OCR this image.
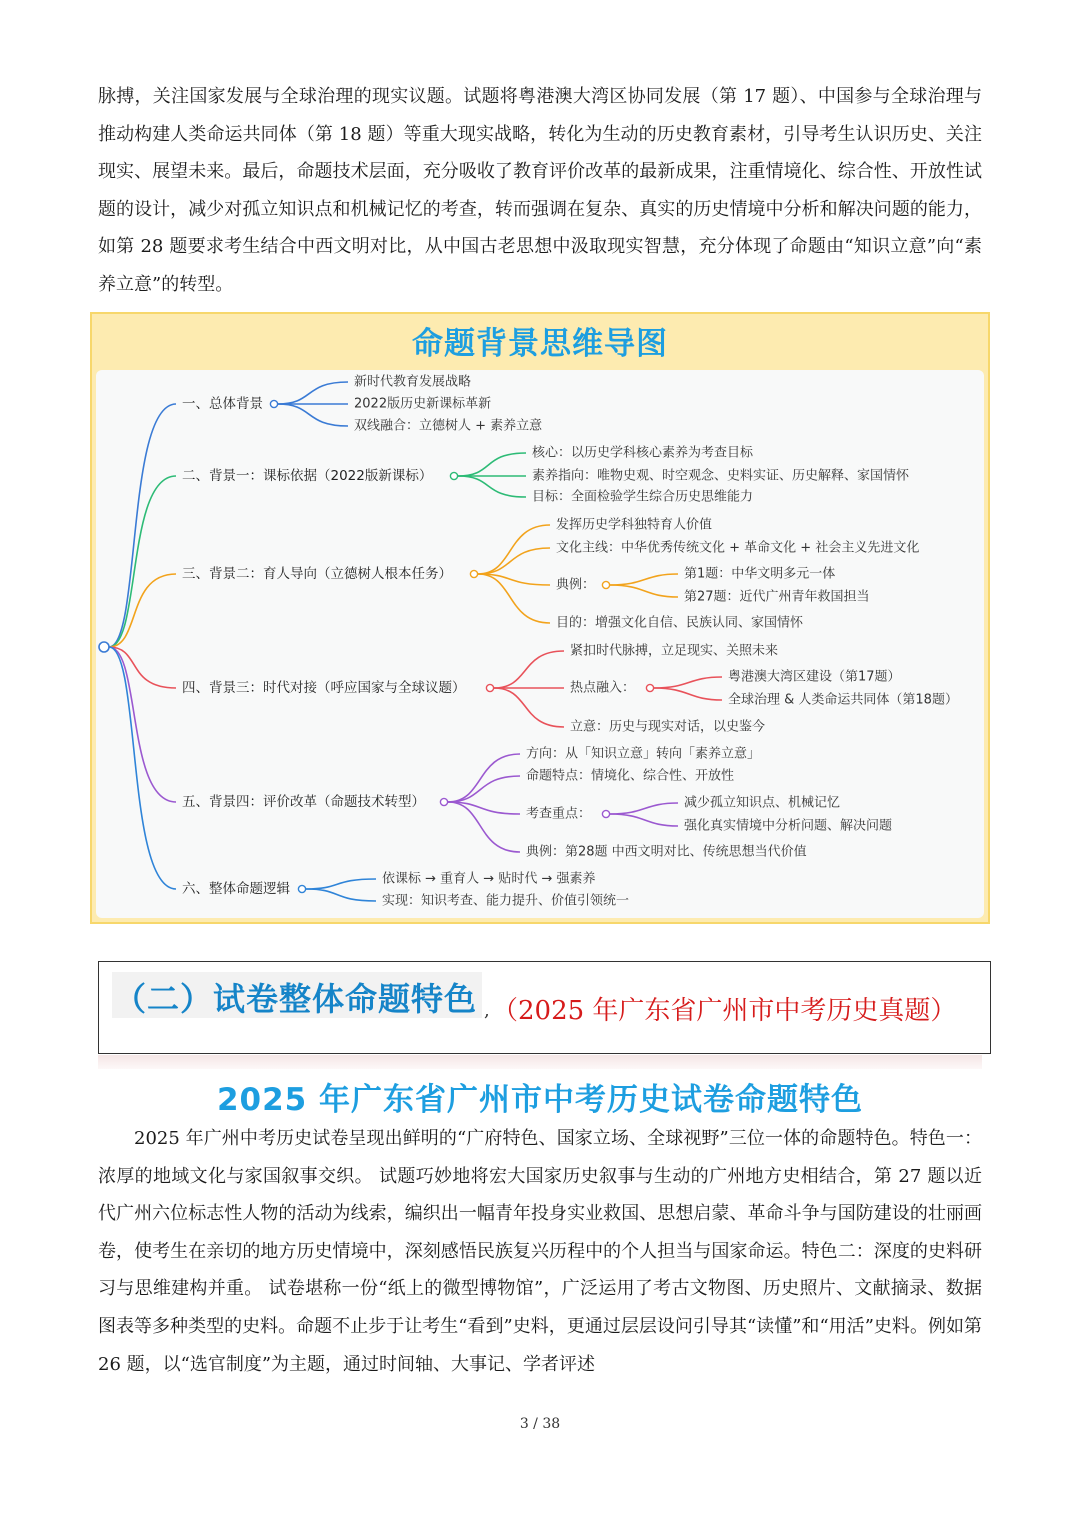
脉搏，关注国家发展与全球治理的现实议题。试题将粤港澳大湾区协同发展（第 17 题）、中国参与全球治理与推动构建人类命运共同体（第 18 题）等重大现实战略，转化为生动的历史教育素材，引导考生认识历史、关注现实、展望未来。最后，命题技术层面，充分吸收了教育评价改革的最新成果，注重情境化、综合性、开放性试题的设计，减少对孤立知识点和机械记忆的考查，转而强调在复杂、真实的历史情境中分析和解决问题的能力，如第 28 题要求考生结合中西文明对比，从中国古老思想中汲取现实智慧，充分体现了命题由“知识立意”向“素养立意”的转型。

命题背景思维导图
一、总体背景
新时代教育发展战略
2022版历史新课标革新
双线融合：立德树人 + 素养立意
二、背景一：课标依据（2022版新课标）
核心：以历史学科核心素养为考查目标
素养指向：唯物史观、时空观念、史料实证、历史解释、家国情怀
目标：全面检验学生综合历史思维能力
三、背景二：育人导向（立德树人根本任务）
发挥历史学科独特育人价值
文化主线：中华优秀传统文化 + 革命文化 + 社会主义先进文化
典例：
目的：增强文化自信、民族认同、家国情怀
第1题：中华文明多元一体
第27题：近代广州青年救国担当
四、背景三：时代对接（呼应国家与全球议题）
紧扣时代脉搏，立足现实、关照未来
热点融入：
立意：历史与现实对话，以史鉴今
粤港澳大湾区建设（第17题）
全球治理 & 人类命运共同体（第18题）
五、背景四：评价改革（命题技术转型）
方向：从「知识立意」转向「素养立意」
命题特点：情境化、综合性、开放性
考查重点：
典例：第28题 中西文明对比、传统思想当代价值
减少孤立知识点、机械记忆
强化真实情境中分析问题、解决问题
六、整体命题逻辑
依课标 → 重育人 → 贴时代 → 强素养
实现：知识考查、能力提升、价值引领统一
（二）试卷整体命题特色 , （2025 年广东省广州市中考历史真题）
2025 年广东省广州市中考历史试卷命题特色

2025 年广州中考历史试卷呈现出鲜明的“广府特色、国家立场、全球视野”三位一体的命题特色。特色一：浓厚的地域文化与家国叙事交织。 试题巧妙地将宏大国家历史叙事与生动的广州地方史相结合，第 27 题以近代广州六位标志性人物的活动为线索，编织出一幅青年投身实业救国、思想启蒙、革命斗争与国防建设的壮丽画卷，使考生在亲切的地方历史情境中，深刻感悟民族复兴历程中的个人担当与国家命运。特色二：深度的史料研习与思维建构并重。 试卷堪称一份“纸上的微型博物馆”，广泛运用了考古文物图、历史照片、文献摘录、数据图表等多种类型的史料。命题不止步于让考生“看到”史料，更通过层层设问引导其“读懂”和“用活”史料。例如第 26 题，以“选官制度”为主题，通过时间轴、大事记、学者评述

3 / 38
